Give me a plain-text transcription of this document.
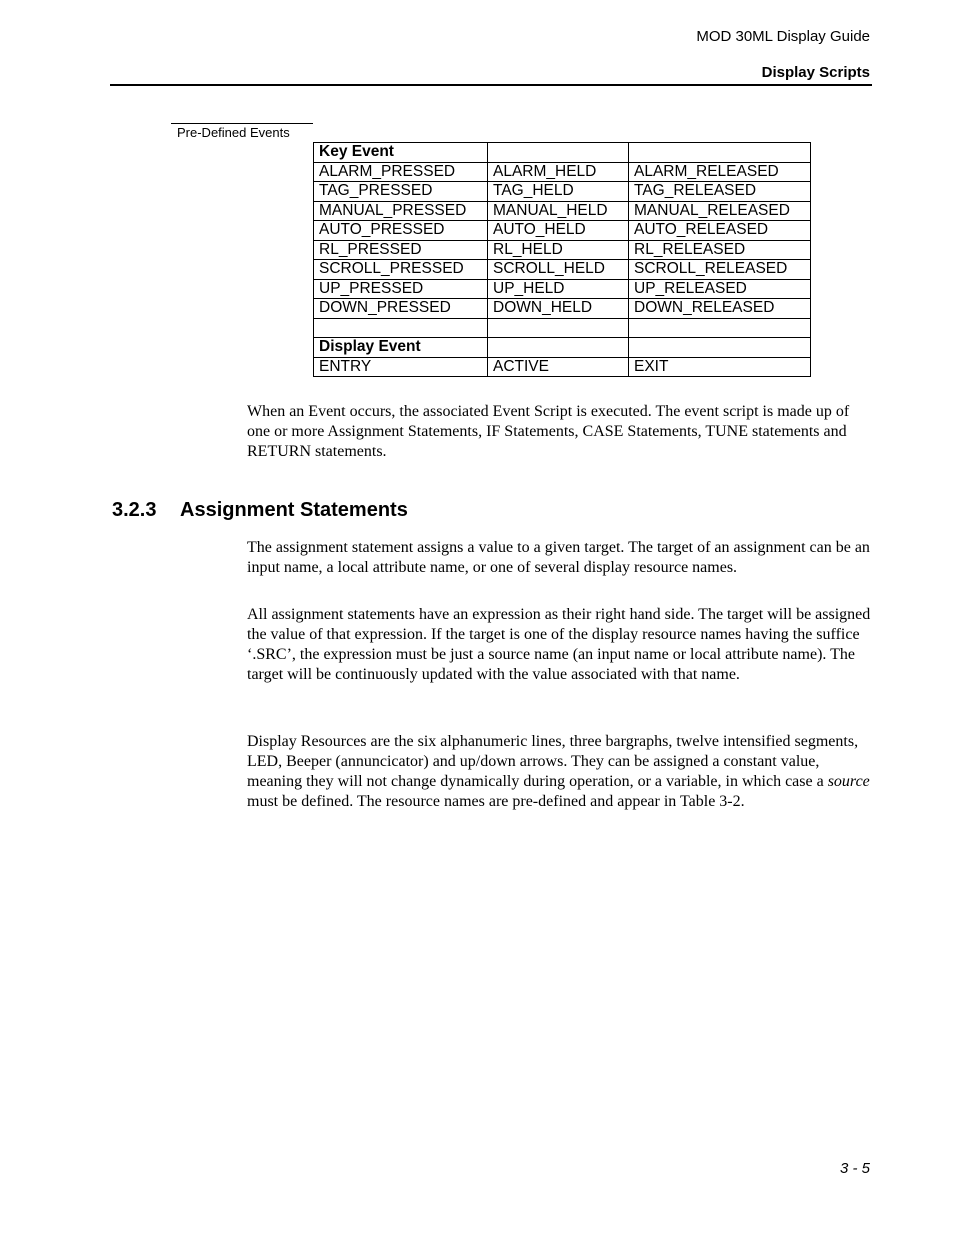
MOD 30ML Display Guide
Display Scripts
Pre-Defined Events
Key Event		
ALARM_PRESSED	ALARM_HELD	ALARM_RELEASED
TAG_PRESSED	TAG_HELD	TAG_RELEASED
MANUAL_PRESSED	MANUAL_HELD	MANUAL_RELEASED
AUTO_PRESSED	AUTO_HELD	AUTO_RELEASED
RL_PRESSED	RL_HELD	RL_RELEASED
SCROLL_PRESSED	SCROLL_HELD	SCROLL_RELEASED
UP_PRESSED	UP_HELD	UP_RELEASED
DOWN_PRESSED	DOWN_HELD	DOWN_RELEASED

Display Event		
ENTRY	ACTIVE	EXIT

When an Event occurs, the associated Event Script is executed. The event script is made up of one or more Assignment Statements, IF Statements, CASE Statements, TUNE statements and RETURN statements.

3.2.3 Assignment Statements

The assignment statement assigns a value to a given target. The target of an assignment can be an input name, a local attribute name, or one of several display resource names.

All assignment statements have an expression as their right hand side. The target will be assigned the value of that expression. If the target is one of the display resource names having the suffice ‘.SRC’, the expression must be just a source name (an input name or local attribute name). The target will be continuously updated with the value associated with that name.

Display Resources are the six alphanumeric lines, three bargraphs, twelve intensified segments, LED, Beeper (annuncicator) and up/down arrows. They can be assigned a constant value, meaning they will not change dynamically during operation, or a variable, in which case a source must be defined. The resource names are pre-defined and appear in Table 3-2.

3 - 5
